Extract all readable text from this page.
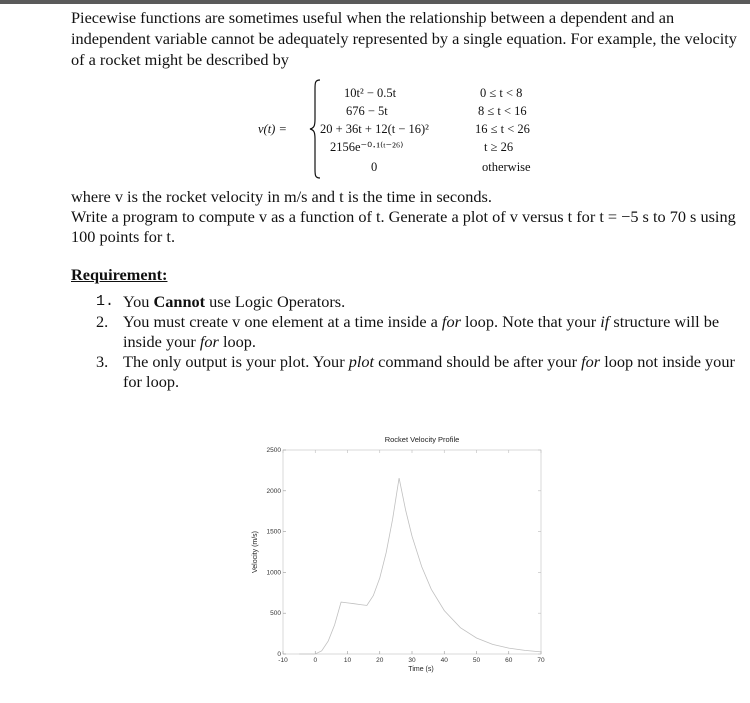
Piecewise functions are sometimes useful when the relationship between a dependent and an independent variable cannot be adequately represented by a single equation. For example, the velocity of a rocket might be described by

v(t) =
10t² − 0.5t	0 ≤ t < 8
676 − 5t	8 ≤ t < 16
20 + 36t + 12(t − 16)²	16 ≤ t < 26
2156e⁻⁰·¹⁽ᵗ⁻²⁶⁾	t ≥ 26
0	otherwise
where v is the rocket velocity in m/s and t is the time in seconds.
Write a program to compute v as a function of t. Generate a plot of v versus t for t = −5 s to 70 s using 100 points for t.
Requirement:
1. You Cannot use Logic Operators.
2. You must create v one element at a time inside a for loop. Note that your if structure will be inside your for loop.
3. The only output is your plot. Your plot command should be after your for loop not inside your for loop.
-10	0	10	20	30	40	50	60	70
0
500
1000
1500
2000
2500
Rocket Velocity Profile
Time (s)
Velocity (m/s)
